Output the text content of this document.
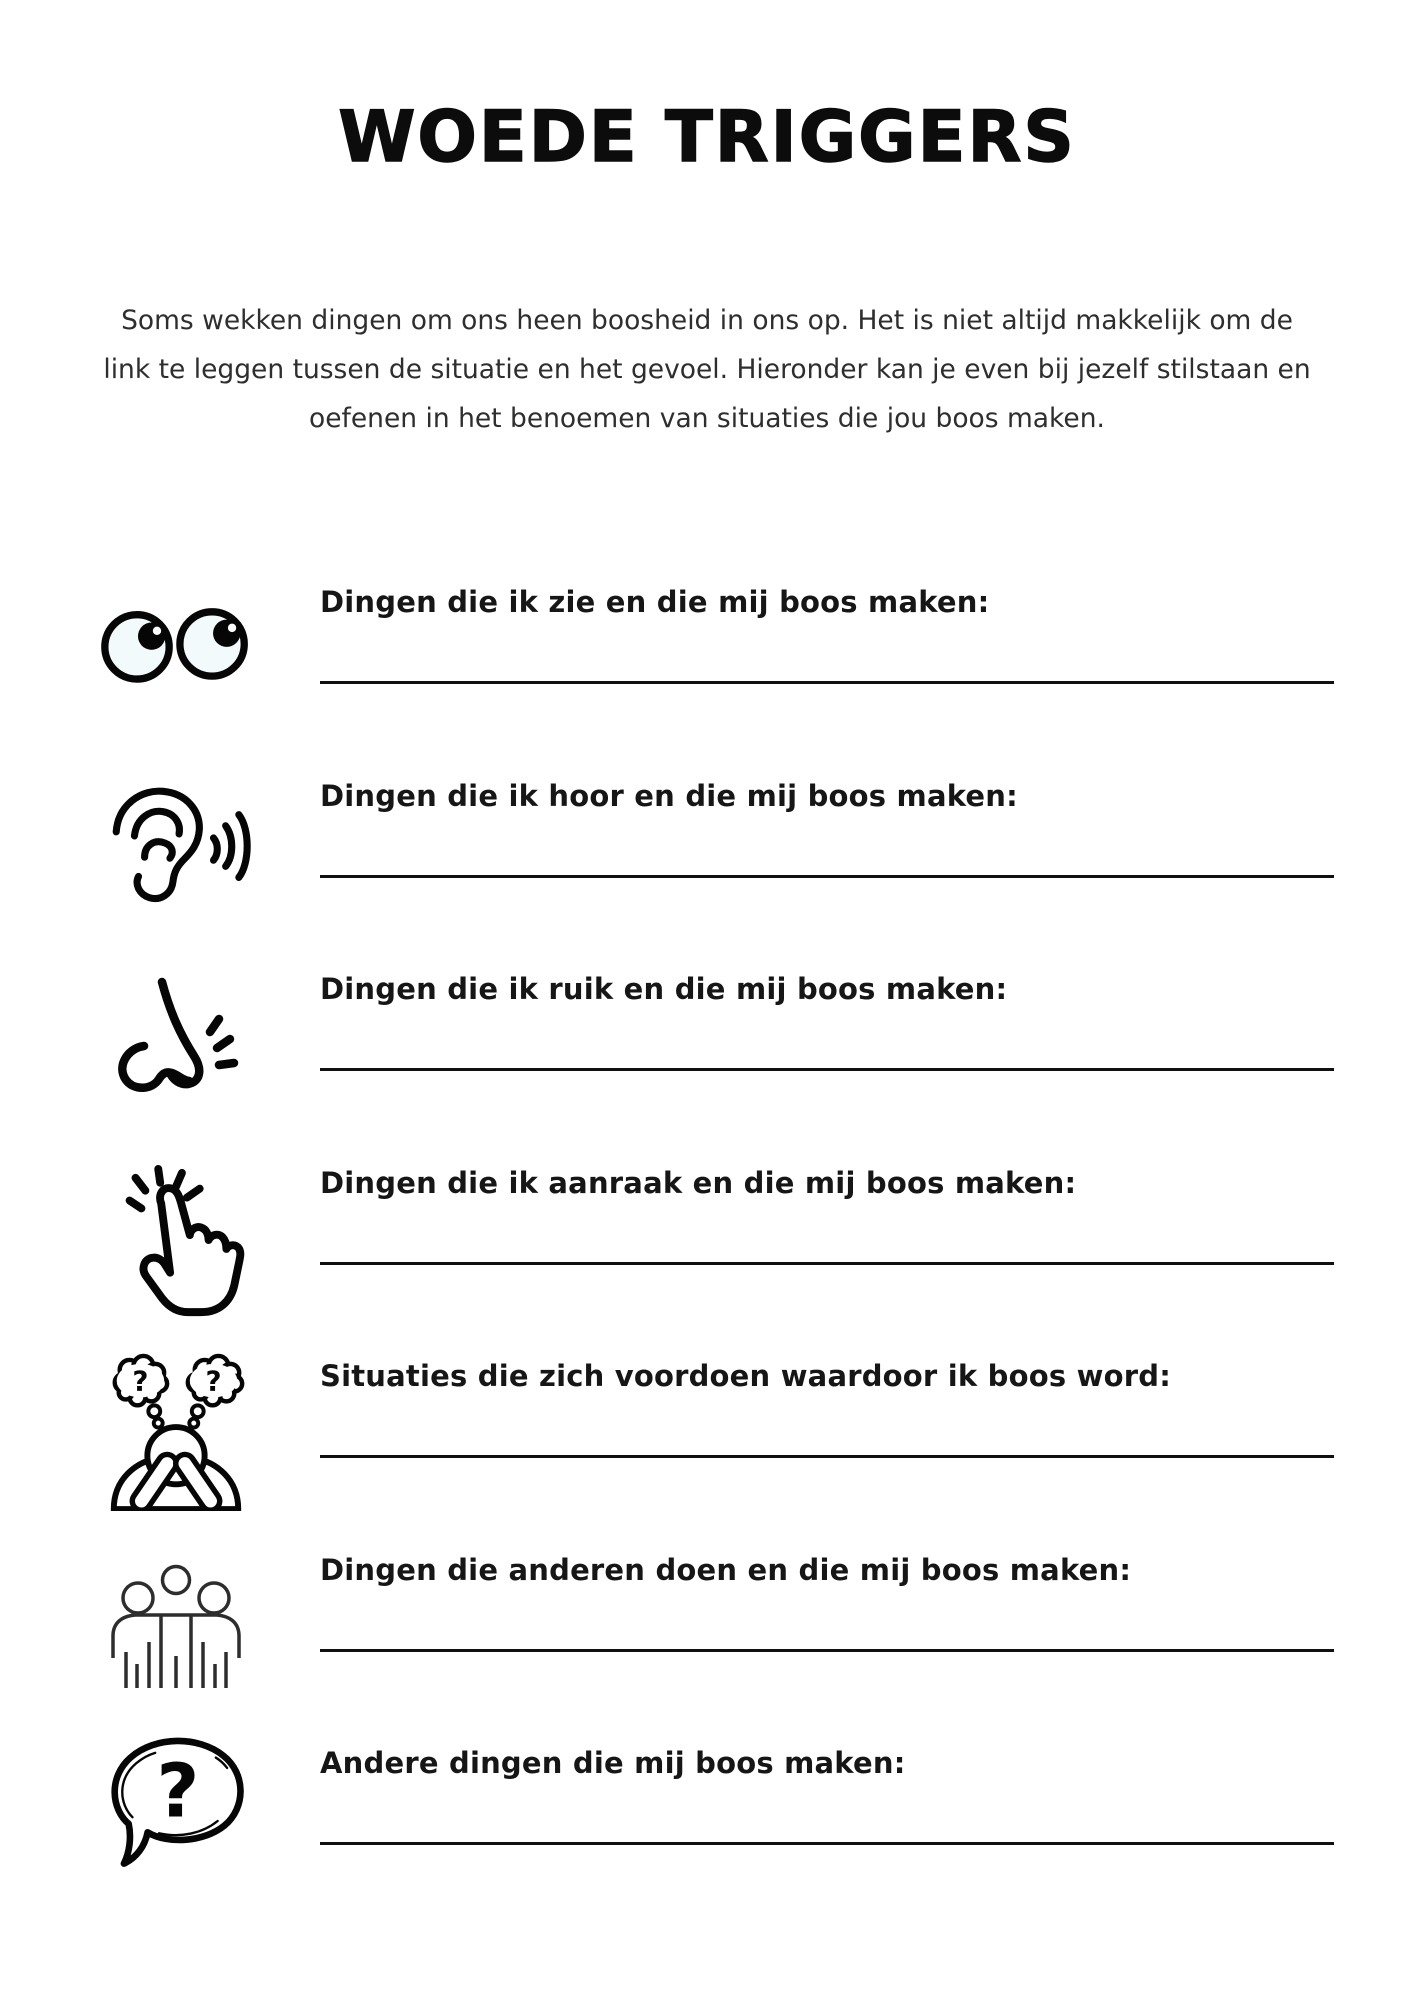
WOEDE TRIGGERS
Soms wekken dingen om ons heen boosheid in ons op. Het is niet altijd makkelijk om de
link te leggen tussen de situatie en het gevoel. Hieronder kan je even bij jezelf stilstaan en
oefenen in het benoemen van situaties die jou boos maken.
Dingen die ik zie en die mij boos maken:
Dingen die ik hoor en die mij boos maken:
Dingen die ik ruik en die mij boos maken:
Dingen die ik aanraak en die mij boos maken:
? ?	Situaties die zich voordoen waardoor ik boos word:
Dingen die anderen doen en die mij boos maken:
?	Andere dingen die mij boos maken:
